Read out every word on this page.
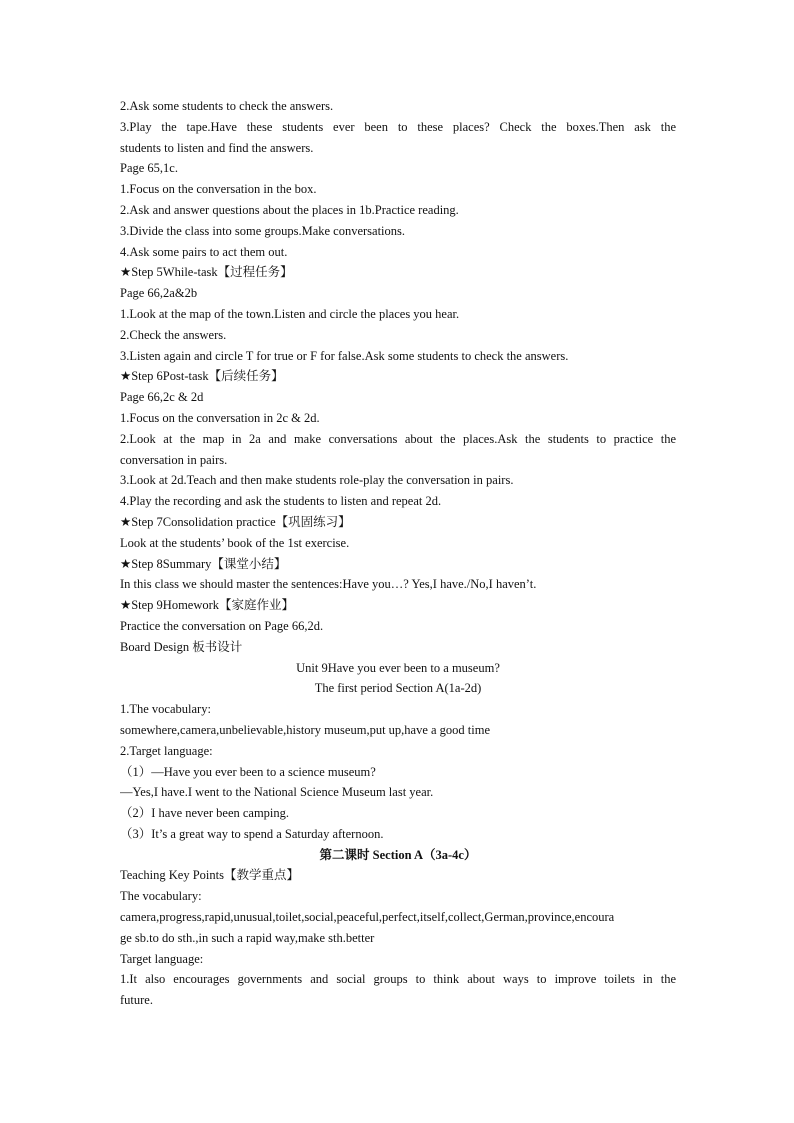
2.Ask some students to check the answers.
3.Play the tape.Have these students ever been to these places? Check the boxes.Then ask the
students to listen and find the answers.
Page 65,1c.
1.Focus on the conversation in the box.
2.Ask and answer questions about the places in 1b.Practice reading.
3.Divide the class into some groups.Make conversations.
4.Ask some pairs to act them out.
★Step 5While-task【过程任务】
Page 66,2a&2b
1.Look at the map of the town.Listen and circle the places you hear.
2.Check the answers.
3.Listen again and circle T for true or F for false.Ask some students to check the answers.
★Step 6Post-task【后续任务】
Page 66,2c & 2d
1.Focus on the conversation in 2c & 2d.
2.Look at the map in 2a and make conversations about the places.Ask the students to practice the
conversation in pairs.
3.Look at 2d.Teach and then make students role-play the conversation in pairs.
4.Play the recording and ask the students to listen and repeat 2d.
★Step 7Consolidation practice【巩固练习】
Look at the students’ book of the 1st exercise.
★Step 8Summary【课堂小结】
In this class we should master the sentences:Have you…? Yes,I have./No,I haven’t.
★Step 9Homework【家庭作业】
Practice the conversation on Page 66,2d.
Board Design 板书设计
Unit 9Have you ever been to a museum?
The first period Section A(1a-2d)
1.The vocabulary:
somewhere,camera,unbelievable,history museum,put up,have a good time
2.Target language:
（1）—Have you ever been to a science museum?
—Yes,I have.I went to the National Science Museum last year.
（2）I have never been camping.
（3）It’s a great way to spend a Saturday afternoon.
第二课时 Section A（3a-4c）
Teaching Key Points【教学重点】
The vocabulary:
camera,progress,rapid,unusual,toilet,social,peaceful,perfect,itself,collect,German,province,encoura
ge sb.to do sth.,in such a rapid way,make sth.better
Target language:
1.It also encourages governments and social groups to think about ways to improve toilets in the
future.
